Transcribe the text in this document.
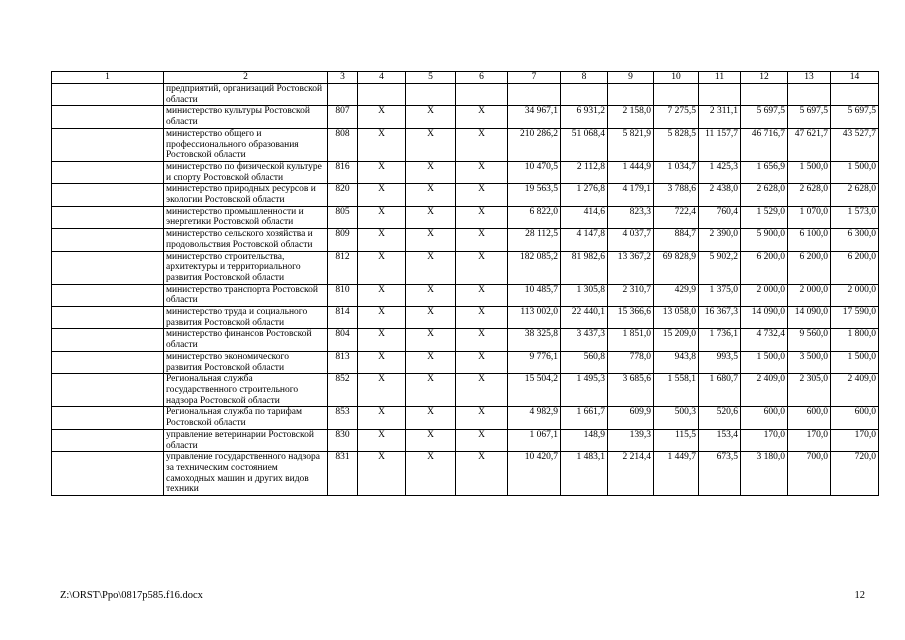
1	2	3	4	5	6	7	8	9	10	11	12	13	14
	предприятий, организаций Ростовской области												
	министерство культуры Ростовской области	807	Х	Х	Х	34 967,1	6 931,2	2 158,0	7 275,5	2 311,1	5 697,5	5 697,5	5 697,5
	министерство общего и профессионального образования Ростовской области	808	Х	Х	Х	210 286,2	51 068,4	5 821,9	5 828,5	11 157,7	46 716,7	47 621,7	43 527,7
	министерство по физической культуре и спорту Ростовской области	816	Х	Х	Х	10 470,5	2 112,8	1 444,9	1 034,7	1 425,3	1 656,9	1 500,0	1 500,0
	министерство природных ресурсов и экологии Ростовской области	820	Х	Х	Х	19 563,5	1 276,8	4 179,1	3 788,6	2 438,0	2 628,0	2 628,0	2 628,0
	министерство промышленности и энергетики Ростовской области	805	Х	Х	Х	6 822,0	414,6	823,3	722,4	760,4	1 529,0	1 070,0	1 573,0
	министерство сельского хозяйства и продовольствия Ростовской области	809	Х	Х	Х	28 112,5	4 147,8	4 037,7	884,7	2 390,0	5 900,0	6 100,0	6 300,0
	министерство строительства, архитектуры и территориального развития Ростовской области	812	Х	Х	Х	182 085,2	81 982,6	13 367,2	69 828,9	5 902,2	6 200,0	6 200,0	6 200,0
	министерство транспорта Ростовской области	810	Х	Х	Х	10 485,7	1 305,8	2 310,7	429,9	1 375,0	2 000,0	2 000,0	2 000,0
	министерство труда и социального развития Ростовской области	814	Х	Х	Х	113 002,0	22 440,1	15 366,6	13 058,0	16 367,3	14 090,0	14 090,0	17 590,0
	министерство финансов Ростовской области	804	Х	Х	Х	38 325,8	3 437,3	1 851,0	15 209,0	1 736,1	4 732,4	9 560,0	1 800,0
	министерство экономического развития Ростовской области	813	Х	Х	Х	9 776,1	560,8	778,0	943,8	993,5	1 500,0	3 500,0	1 500,0
	Региональная служба государственного строительного надзора Ростовской области	852	Х	Х	Х	15 504,2	1 495,3	3 685,6	1 558,1	1 680,7	2 409,0	2 305,0	2 409,0
	Региональная служба по тарифам Ростовской области	853	Х	Х	Х	4 982,9	1 661,7	609,9	500,3	520,6	600,0	600,0	600,0
	управление ветеринарии Ростовской области	830	Х	Х	Х	1 067,1	148,9	139,3	115,5	153,4	170,0	170,0	170,0
	управление государственного надзора за техническим состоянием самоходных машин и других видов техники	831	Х	Х	Х	10 420,7	1 483,1	2 214,4	1 449,7	673,5	3 180,0	700,0	720,0
Z:\ORST\Ppo\0817p585.f16.docx	12
